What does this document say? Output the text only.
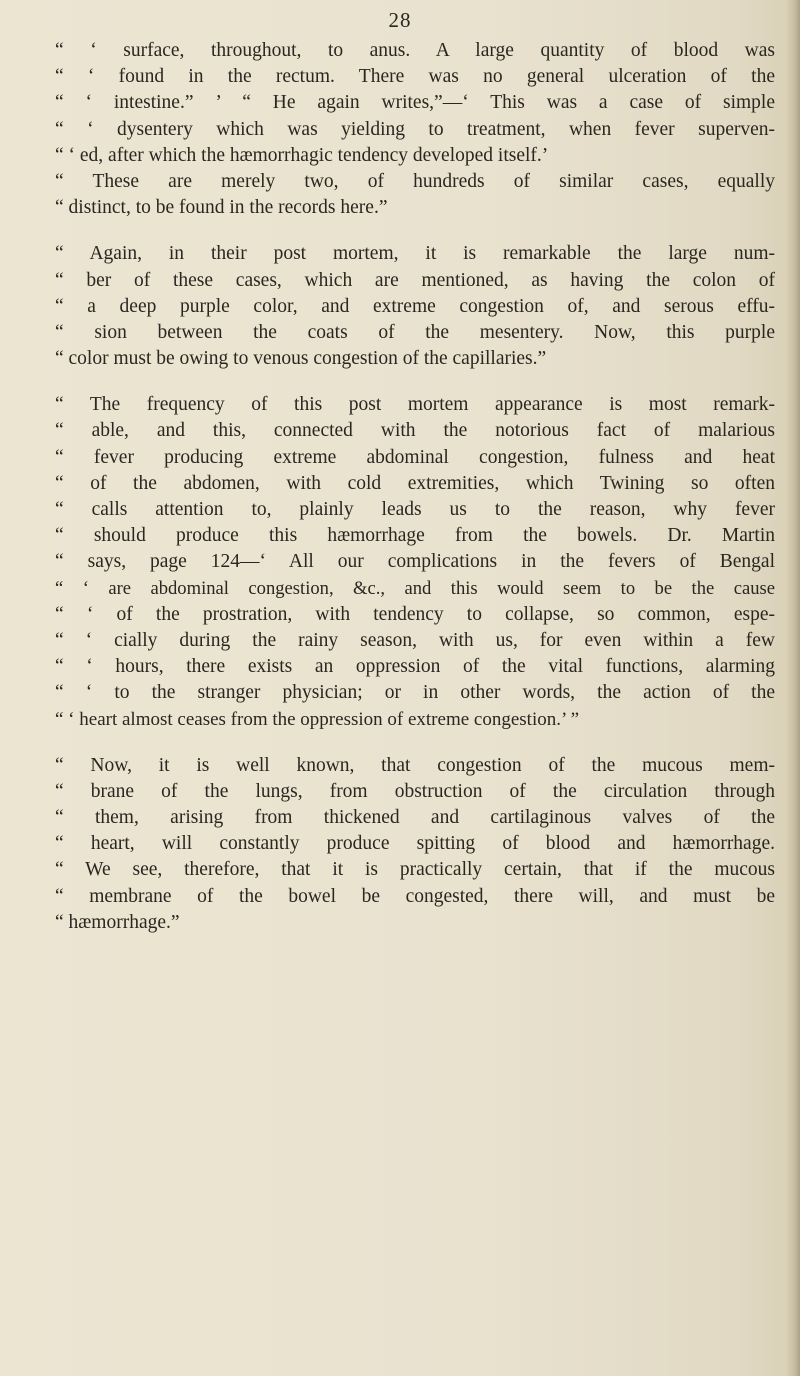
28
“ ‘ surface, throughout, to anus. A large quantity of blood was
“ ‘ found in the rectum. There was no general ulceration of the
“ ‘ intestine.” ’ “ He again writes,”—‘ This was a case of simple
“ ‘ dysentery which was yielding to treatment, when fever superven-
“ ‘ ed, after which the hæmorrhagic tendency developed itself.’
“ These are merely two, of hundreds of similar cases, equally
“ distinct, to be found in the records here.”
“ Again, in their post mortem, it is remarkable the large num-
“ ber of these cases, which are mentioned, as having the colon of
“ a deep purple color, and extreme congestion of, and serous effu-
“ sion between the coats of the mesentery. Now, this purple
“ color must be owing to venous congestion of the capillaries.”
“ The frequency of this post mortem appearance is most remark-
“ able, and this, connected with the notorious fact of malarious
“ fever producing extreme abdominal congestion, fulness and heat
“ of the abdomen, with cold extremities, which Twining so often
“ calls attention to, plainly leads us to the reason, why fever
“ should produce this hæmorrhage from the bowels. Dr. Martin
“ says, page 124—‘ All our complications in the fevers of Bengal
“ ‘ are abdominal congestion, &c., and this would seem to be the cause
“ ‘ of the prostration, with tendency to collapse, so common, espe-
“ ‘ cially during the rainy season, with us, for even within a few
“ ‘ hours, there exists an oppression of the vital functions, alarming
“ ‘ to the stranger physician; or in other words, the action of the
“ ‘ heart almost ceases from the oppression of extreme congestion.’ ”
“ Now, it is well known, that congestion of the mucous mem-
“ brane of the lungs, from obstruction of the circulation through
“ them, arising from thickened and cartilaginous valves of the
“ heart, will constantly produce spitting of blood and hæmorrhage.
“ We see, therefore, that it is practically certain, that if the mucous
“ membrane of the bowel be congested, there will, and must be
“ hæmorrhage.”
